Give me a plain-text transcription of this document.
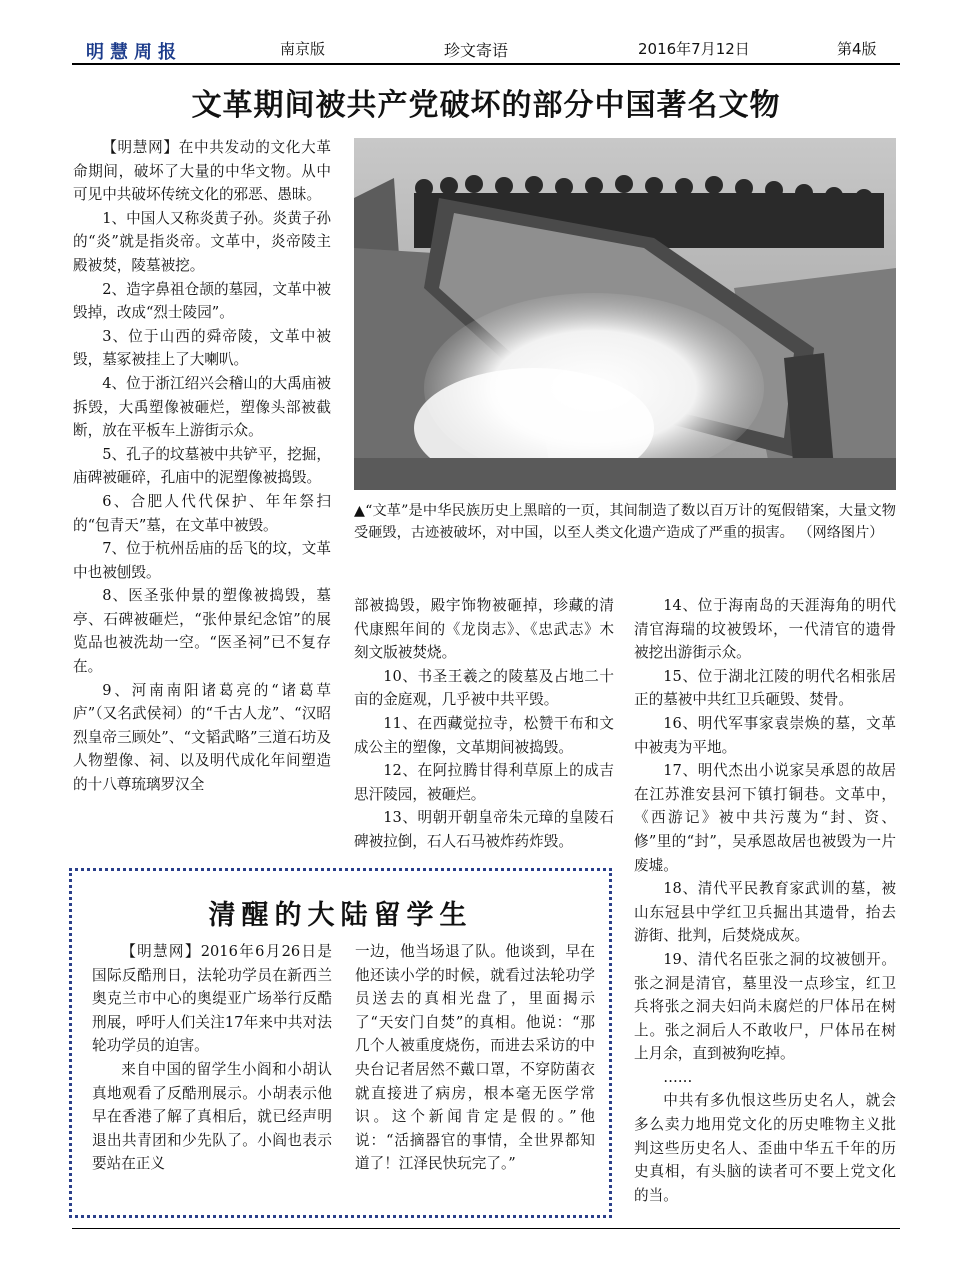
明慧周报	南京版	珍文寄语	2016年7月12日	第4版
文革期间被共产党破坏的部分中国著名文物

【明慧网】在中共发动的文化大革命期间，破坏了大量的中华文物。从中可见中共破坏传统文化的邪恶、愚昧。

1、中国人又称炎黄子孙。炎黄子孙的“炎”就是指炎帝。文革中，炎帝陵主殿被焚，陵墓被挖。

2、造字鼻祖仓颉的墓园，文革中被毁掉，改成“烈士陵园”。

3、位于山西的舜帝陵，文革中被毁，墓冢被挂上了大喇叭。

4、位于浙江绍兴会稽山的大禹庙被拆毁，大禹塑像被砸烂，塑像头部被截断，放在平板车上游街示众。

5、孔子的坟墓被中共铲平，挖掘，庙碑被砸碎，孔庙中的泥塑像被捣毁。

6、合肥人代代保护、年年祭扫的“包青天”墓，在文革中被毁。

7、位于杭州岳庙的岳飞的坟，文革中也被刨毁。

8、医圣张仲景的塑像被捣毁，墓亭、石碑被砸烂，“张仲景纪念馆”的展览品也被洗劫一空。“医圣祠”已不复存在。

9、河南南阳诸葛亮的“诸葛草庐”（又名武侯祠）的“千古人龙”、“汉昭烈皇帝三顾处”、“文韬武略”三道石坊及人物塑像、祠、以及明代成化年间塑造的十八尊琉璃罗汉全

▲“文革”是中华民族历史上黑暗的一页，其间制造了数以百万计的冤假错案，大量文物受砸毁，古迹被破坏，对中国，以至人类文化遗产造成了严重的损害。 （网络图片）

部被捣毁，殿宇饰物被砸掉，珍藏的清代康熙年间的《龙岗志》、《忠武志》木刻文版被焚烧。

10、书圣王羲之的陵墓及占地二十亩的金庭观，几乎被中共平毁。

11、在西藏觉拉寺，松赞干布和文成公主的塑像，文革期间被捣毁。

12、在阿拉腾甘得利草原上的成吉思汗陵园，被砸烂。

13、明朝开朝皇帝朱元璋的皇陵石碑被拉倒，石人石马被炸药炸毁。

14、位于海南岛的天涯海角的明代清官海瑞的坟被毁坏，一代清官的遗骨被挖出游街示众。

15、位于湖北江陵的明代名相张居正的墓被中共红卫兵砸毁、焚骨。

16、明代军事家袁崇焕的墓，文革中被夷为平地。

17、明代杰出小说家吴承恩的故居在江苏淮安县河下镇打铜巷。文革中，《西游记》被中共污蔑为“封、资、修”里的“封”，吴承恩故居也被毁为一片废墟。

18、清代平民教育家武训的墓，被山东冠县中学红卫兵掘出其遗骨，抬去游街、批判，后焚烧成灰。

19、清代名臣张之洞的坟被刨开。张之洞是清官，墓里没一点珍宝，红卫兵将张之洞夫妇尚未腐烂的尸体吊在树上。张之洞后人不敢收尸，尸体吊在树上月余，直到被狗吃掉。

……

中共有多仇恨这些历史名人，就会多么卖力地用党文化的历史唯物主义批判这些历史名人、歪曲中华五千年的历史真相，有头脑的读者可不要上党文化的当。

清醒的大陆留学生

【明慧网】2016年6月26日是国际反酷刑日，法轮功学员在新西兰奥克兰市中心的奥缇亚广场举行反酷刑展，呼吁人们关注17年来中共对法轮功学员的迫害。

来自中国的留学生小阎和小胡认真地观看了反酷刑展示。小胡表示他早在香港了解了真相后，就已经声明退出共青团和少先队了。小阎也表示要站在正义

一边，他当场退了队。他谈到，早在他还读小学的时候，就看过法轮功学员送去的真相光盘了，里面揭示了“天安门自焚”的真相。他说：“那几个人被重度烧伤，而进去采访的中央台记者居然不戴口罩，不穿防菌衣就直接进了病房，根本毫无医学常识。这个新闻肯定是假的。”他说：“活摘器官的事情，全世界都知道了！江泽民快玩完了。”
